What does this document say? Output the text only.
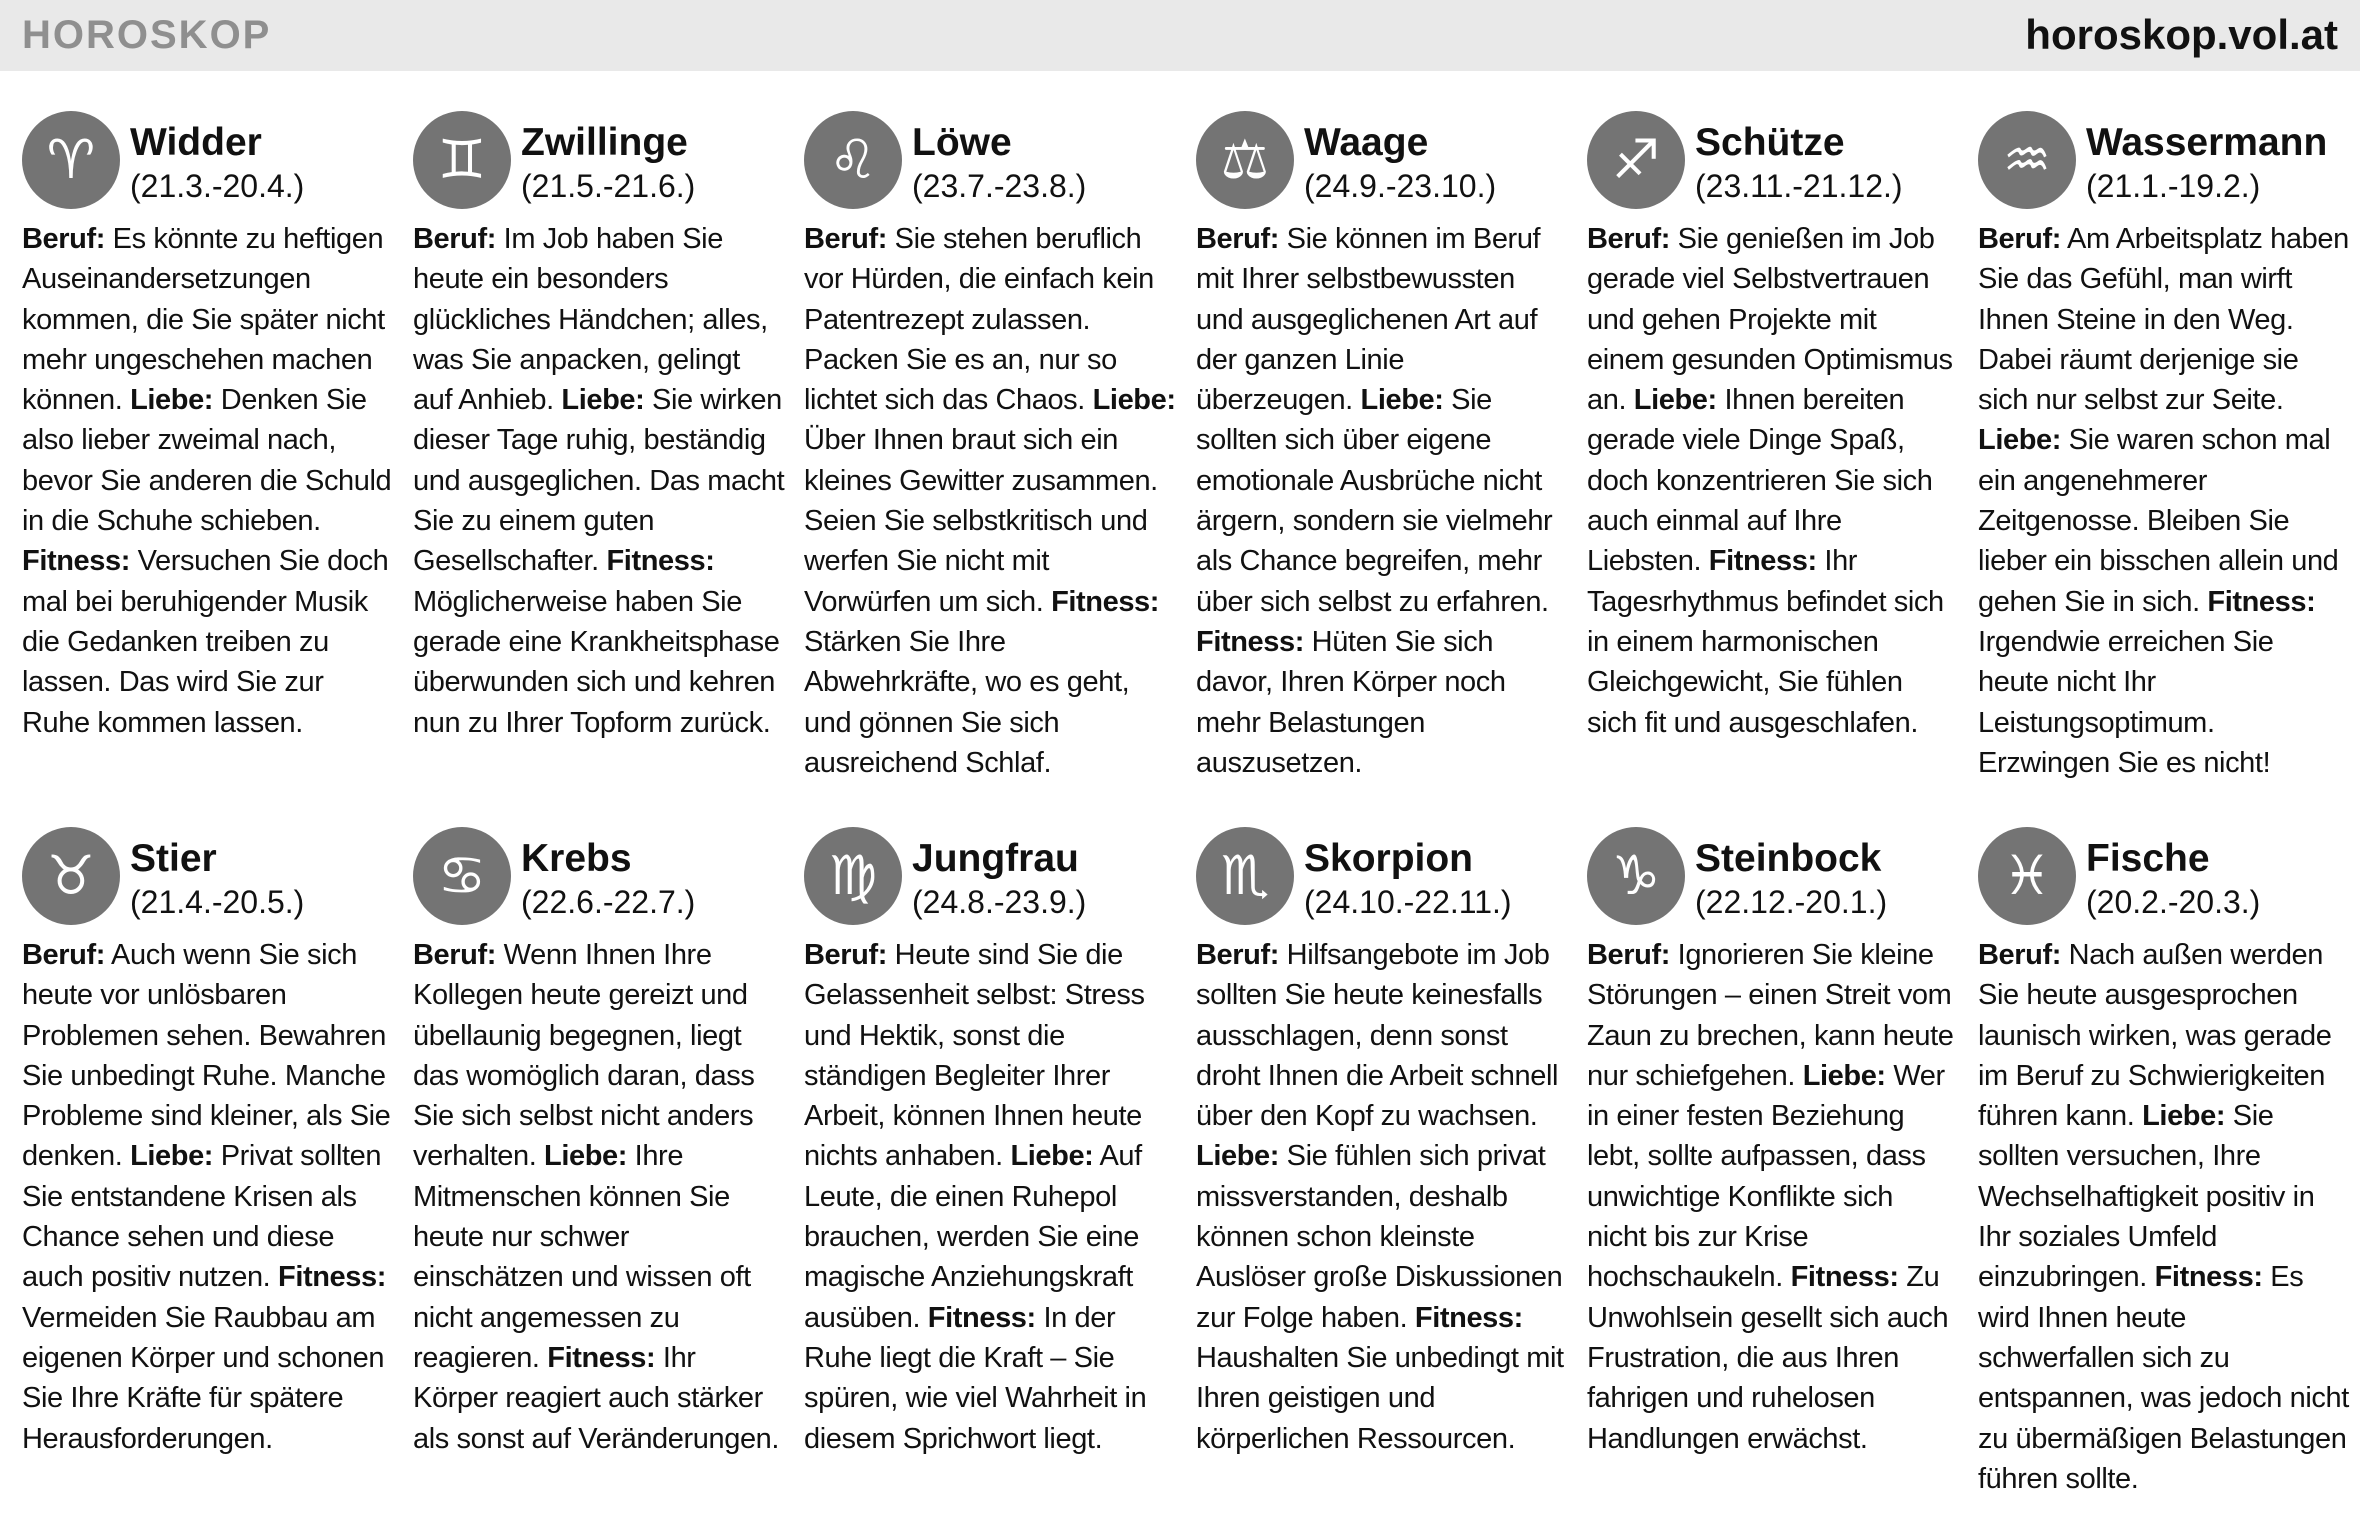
HOROSKOP	horoskop.vol.at
♈ Widder
(21.3.-20.4.)
Beruf: Es könnte zu heftigen Auseinandersetzungen kommen, die Sie später nicht mehr ungeschehen machen können. Liebe: Denken Sie also lieber zweimal nach, bevor Sie anderen die Schuld in die Schuhe schieben. Fitness: Versuchen Sie doch mal bei beruhigender Musik die Gedanken treiben zu lassen. Das wird Sie zur Ruhe kommen lassen.
♊ Zwillinge
(21.5.-21.6.)
Beruf: Im Job haben Sie heute ein besonders glückliches Händchen; alles, was Sie anpacken, gelingt auf Anhieb. Liebe: Sie wirken dieser Tage ruhig, beständig und ausgeglichen. Das macht Sie zu einem guten Gesellschafter. Fitness: Möglicherweise haben Sie gerade eine Krankheitsphase überwunden sich und kehren nun zu Ihrer Topform zurück.
♌ Löwe
(23.7.-23.8.)
Beruf: Sie stehen beruflich vor Hürden, die einfach kein Patentrezept zulassen. Packen Sie es an, nur so lichtet sich das Chaos. Liebe: Über Ihnen braut sich ein kleines Gewitter zusammen. Seien Sie selbstkritisch und werfen Sie nicht mit Vorwürfen um sich. Fitness: Stärken Sie Ihre Abwehrkräfte, wo es geht, und gönnen Sie sich ausreichend Schlaf.
⚖ Waage
(24.9.-23.10.)
Beruf: Sie können im Beruf mit Ihrer selbstbewussten und ausgeglichenen Art auf der ganzen Linie überzeugen. Liebe: Sie sollten sich über eigene emotionale Ausbrüche nicht ärgern, sondern sie vielmehr als Chance begreifen, mehr über sich selbst zu erfahren. Fitness: Hüten Sie sich davor, Ihren Körper noch mehr Belastungen auszusetzen.
♐ Schütze
(23.11.-21.12.)
Beruf: Sie genießen im Job gerade viel Selbstvertrauen und gehen Projekte mit einem gesunden Optimismus an. Liebe: Ihnen bereiten gerade viele Dinge Spaß, doch konzentrieren Sie sich auch einmal auf Ihre Liebsten. Fitness: Ihr Tagesrhythmus befindet sich in einem harmonischen Gleichgewicht, Sie fühlen sich fit und ausgeschlafen.
♒ Wassermann
(21.1.-19.2.)
Beruf: Am Arbeitsplatz haben Sie das Gefühl, man wirft Ihnen Steine in den Weg. Dabei räumt derjenige sie sich nur selbst zur Seite. Liebe: Sie waren schon mal ein angenehmerer Zeitgenosse. Bleiben Sie lieber ein bisschen allein und gehen Sie in sich. Fitness: Irgendwie erreichen Sie heute nicht Ihr Leistungsoptimum. Erzwingen Sie es nicht!
♉ Stier
(21.4.-20.5.)
Beruf: Auch wenn Sie sich heute vor unlösbaren Problemen sehen. Bewahren Sie unbedingt Ruhe. Manche Probleme sind kleiner, als Sie denken. Liebe: Privat sollten Sie entstandene Krisen als Chance sehen und diese auch positiv nutzen. Fitness: Vermeiden Sie Raubbau am eigenen Körper und schonen Sie Ihre Kräfte für spätere Herausforderungen.
♋ Krebs
(22.6.-22.7.)
Beruf: Wenn Ihnen Ihre Kollegen heute gereizt und übellaunig begegnen, liegt das womöglich daran, dass Sie sich selbst nicht anders verhalten. Liebe: Ihre Mitmenschen können Sie heute nur schwer einschätzen und wissen oft nicht angemessen zu reagieren. Fitness: Ihr Körper reagiert auch stärker als sonst auf Veränderungen.
♍ Jungfrau
(24.8.-23.9.)
Beruf: Heute sind Sie die Gelassenheit selbst: Stress und Hektik, sonst die ständigen Begleiter Ihrer Arbeit, können Ihnen heute nichts anhaben. Liebe: Auf Leute, die einen Ruhepol brauchen, werden Sie eine magische Anziehungskraft ausüben. Fitness: In der Ruhe liegt die Kraft – Sie spüren, wie viel Wahrheit in diesem Sprichwort liegt.
♏ Skorpion
(24.10.-22.11.)
Beruf: Hilfsangebote im Job sollten Sie heute keinesfalls ausschlagen, denn sonst droht Ihnen die Arbeit schnell über den Kopf zu wachsen. Liebe: Sie fühlen sich privat missverstanden, deshalb können schon kleinste Auslöser große Diskussionen zur Folge haben. Fitness: Haushalten Sie unbedingt mit Ihren geistigen und körperlichen Ressourcen.
♑ Steinbock
(22.12.-20.1.)
Beruf: Ignorieren Sie kleine Störungen – einen Streit vom Zaun zu brechen, kann heute nur schiefgehen. Liebe: Wer in einer festen Beziehung lebt, sollte aufpassen, dass unwichtige Konflikte sich nicht bis zur Krise hochschaukeln. Fitness: Zu Unwohlsein gesellt sich auch Frustration, die aus Ihren fahrigen und ruhelosen Handlungen erwächst.
♓ Fische
(20.2.-20.3.)
Beruf: Nach außen werden Sie heute ausgesprochen launisch wirken, was gerade im Beruf zu Schwierigkeiten führen kann. Liebe: Sie sollten versuchen, Ihre Wechselhaftigkeit positiv in Ihr soziales Umfeld einzubringen. Fitness: Es wird Ihnen heute schwerfallen sich zu entspannen, was jedoch nicht zu übermäßigen Belastungen führen sollte.
